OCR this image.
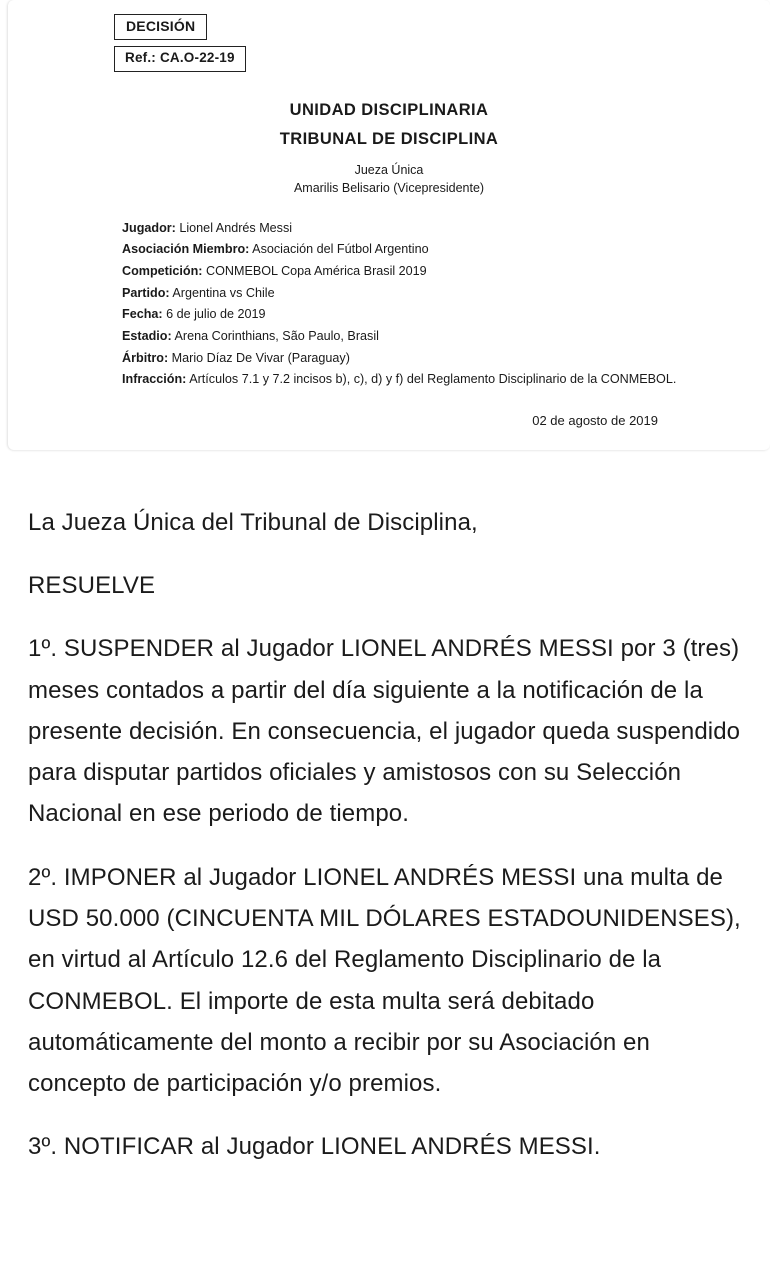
DECISIÓN
Ref.: CA.O-22-19
UNIDAD DISCIPLINARIA
TRIBUNAL DE DISCIPLINA
Jueza Única
Amarilis Belisario (Vicepresidente)
Jugador: Lionel Andrés Messi
Asociación Miembro: Asociación del Fútbol Argentino
Competición: CONMEBOL Copa América Brasil 2019
Partido: Argentina vs Chile
Fecha: 6 de julio de 2019
Estadio: Arena Corinthians, São Paulo, Brasil
Árbitro: Mario Díaz De Vivar (Paraguay)
Infracción: Artículos 7.1 y 7.2 incisos b), c), d) y f) del Reglamento Disciplinario de la CONMEBOL.
02 de agosto de 2019

La Jueza Única del Tribunal de Disciplina,

RESUELVE

1º. SUSPENDER al Jugador LIONEL ANDRÉS MESSI por 3 (tres) meses contados a partir del día siguiente a la notificación de la presente decisión. En consecuencia, el jugador queda suspendido para disputar partidos oficiales y amistosos con su Selección Nacional en ese periodo de tiempo.

2º. IMPONER al Jugador LIONEL ANDRÉS MESSI una multa de USD 50.000 (CINCUENTA MIL DÓLARES ESTADOUNIDENSES), en virtud al Artículo 12.6 del Reglamento Disciplinario de la CONMEBOL. El importe de esta multa será debitado automáticamente del monto a recibir por su Asociación en concepto de participación y/o premios.

3º. NOTIFICAR al Jugador LIONEL ANDRÉS MESSI.
